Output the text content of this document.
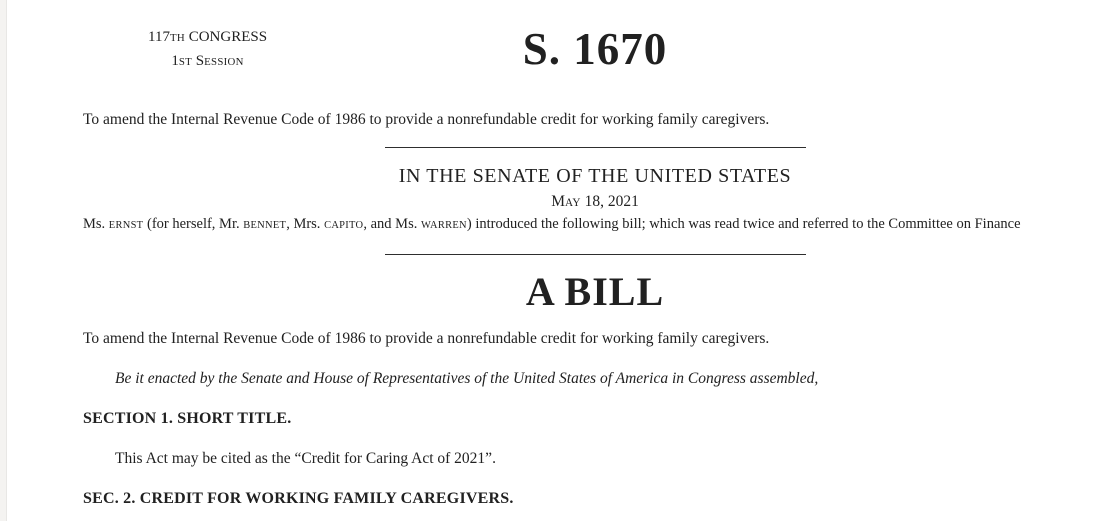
117TH CONGRESS
1ST SESSION	S. 1670
To amend the Internal Revenue Code of 1986 to provide a nonrefundable credit for working family caregivers.
IN THE SENATE OF THE UNITED STATES
MAY 18, 2021
Ms. ERNST (for herself, Mr. BENNET, Mrs. CAPITO, and Ms. WARREN) introduced the following bill; which was read twice and referred to the Committee on Finance
A BILL
To amend the Internal Revenue Code of 1986 to provide a nonrefundable credit for working family caregivers.
Be it enacted by the Senate and House of Representatives of the United States of America in Congress assembled,
SECTION 1. SHORT TITLE.
This Act may be cited as the “Credit for Caring Act of 2021”.
SEC. 2. CREDIT FOR WORKING FAMILY CAREGIVERS.
